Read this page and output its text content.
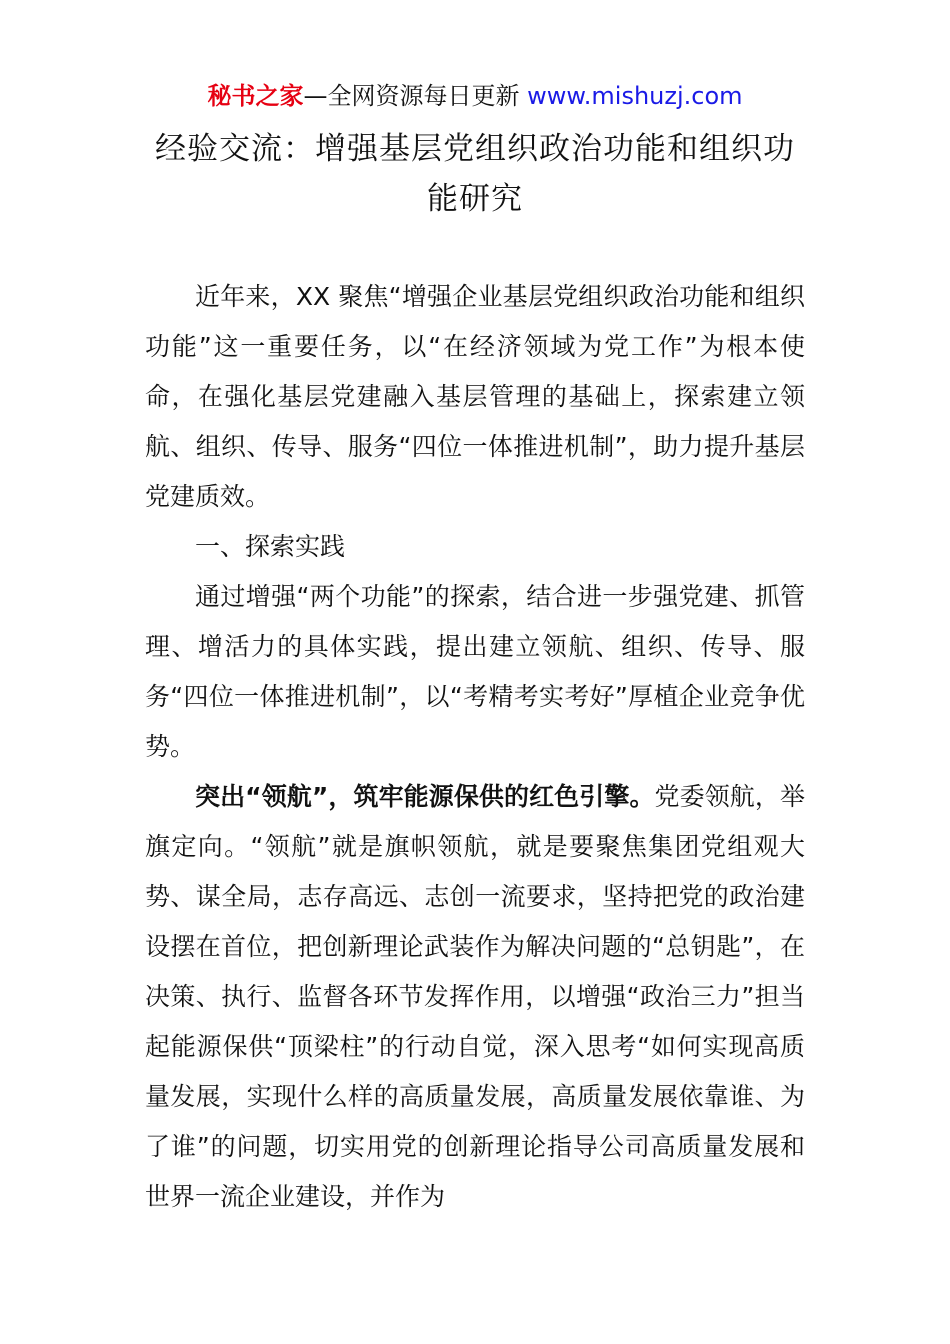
秘书之家—全网资源每日更新 www.mishuzj.com
经验交流：增强基层党组织政治功能和组织功能研究

近年来，XX 聚焦“增强企业基层党组织政治功能和组织功能”这一重要任务，以“在经济领域为党工作”为根本使命，在强化基层党建融入基层管理的基础上，探索建立领航、组织、传导、服务“四位一体推进机制”，助力提升基层党建质效。

一、探索实践

通过增强“两个功能”的探索，结合进一步强党建、抓管理、增活力的具体实践，提出建立领航、组织、传导、服务“四位一体推进机制”，以“考精考实考好”厚植企业竞争优势。

突出“领航”，筑牢能源保供的红色引擎。党委领航，举旗定向。“领航”就是旗帜领航，就是要聚焦集团党组观大势、谋全局，志存高远、志创一流要求，坚持把党的政治建设摆在首位，把创新理论武装作为解决问题的“总钥匙”，在决策、执行、监督各环节发挥作用，以增强“政治三力”担当起能源保供“顶梁柱”的行动自觉，深入思考“如何实现高质量发展，实现什么样的高质量发展，高质量发展依靠谁、为了谁”的问题，切实用党的创新理论指导公司高质量发展和世界一流企业建设，并作为
